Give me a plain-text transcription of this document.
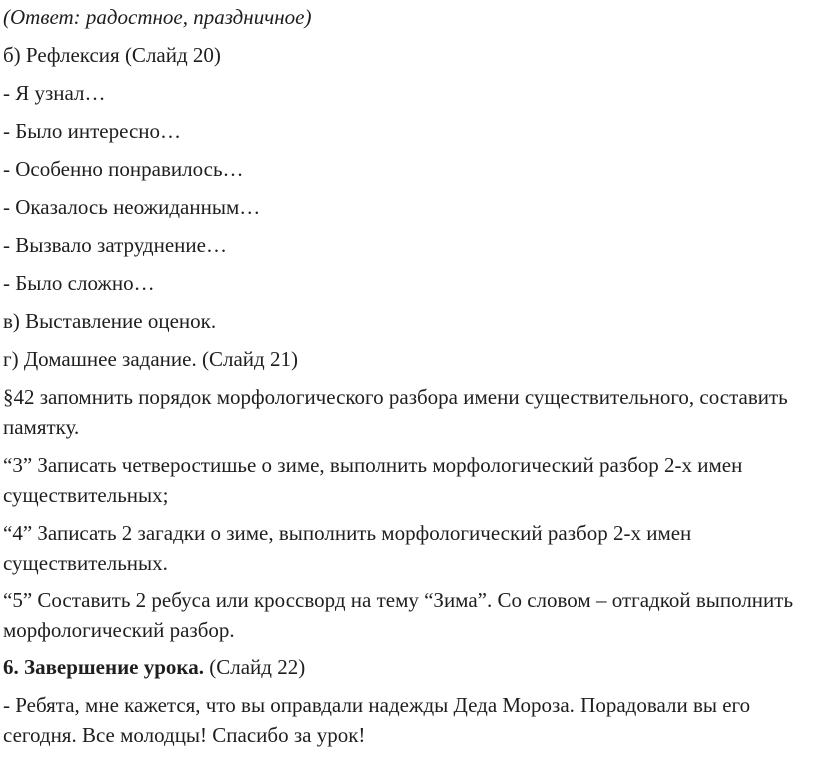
(Ответ: радостное, праздничное)

б) Рефлексия (Слайд 20)

- Я узнал…

- Было интересно…

- Особенно понравилось…

- Оказалось неожиданным…

- Вызвало затруднение…

- Было сложно…

в) Выставление оценок.

г) Домашнее задание. (Слайд 21)

§42 запомнить порядок морфологического разбора имени существительного, составить памятку.

“3” Записать четверостишье о зиме, выполнить морфологический разбор 2-х имен существительных;

“4” Записать 2 загадки о зиме, выполнить морфологический разбор 2-х имен существительных.

“5” Составить 2 ребуса или кроссворд на тему “Зима”. Со словом – отгадкой выполнить морфологический разбор.

6. Завершение урока. (Слайд 22)

- Ребята, мне кажется, что вы оправдали надежды Деда Мороза. Порадовали вы его сегодня. Все молодцы! Спасибо за урок!
